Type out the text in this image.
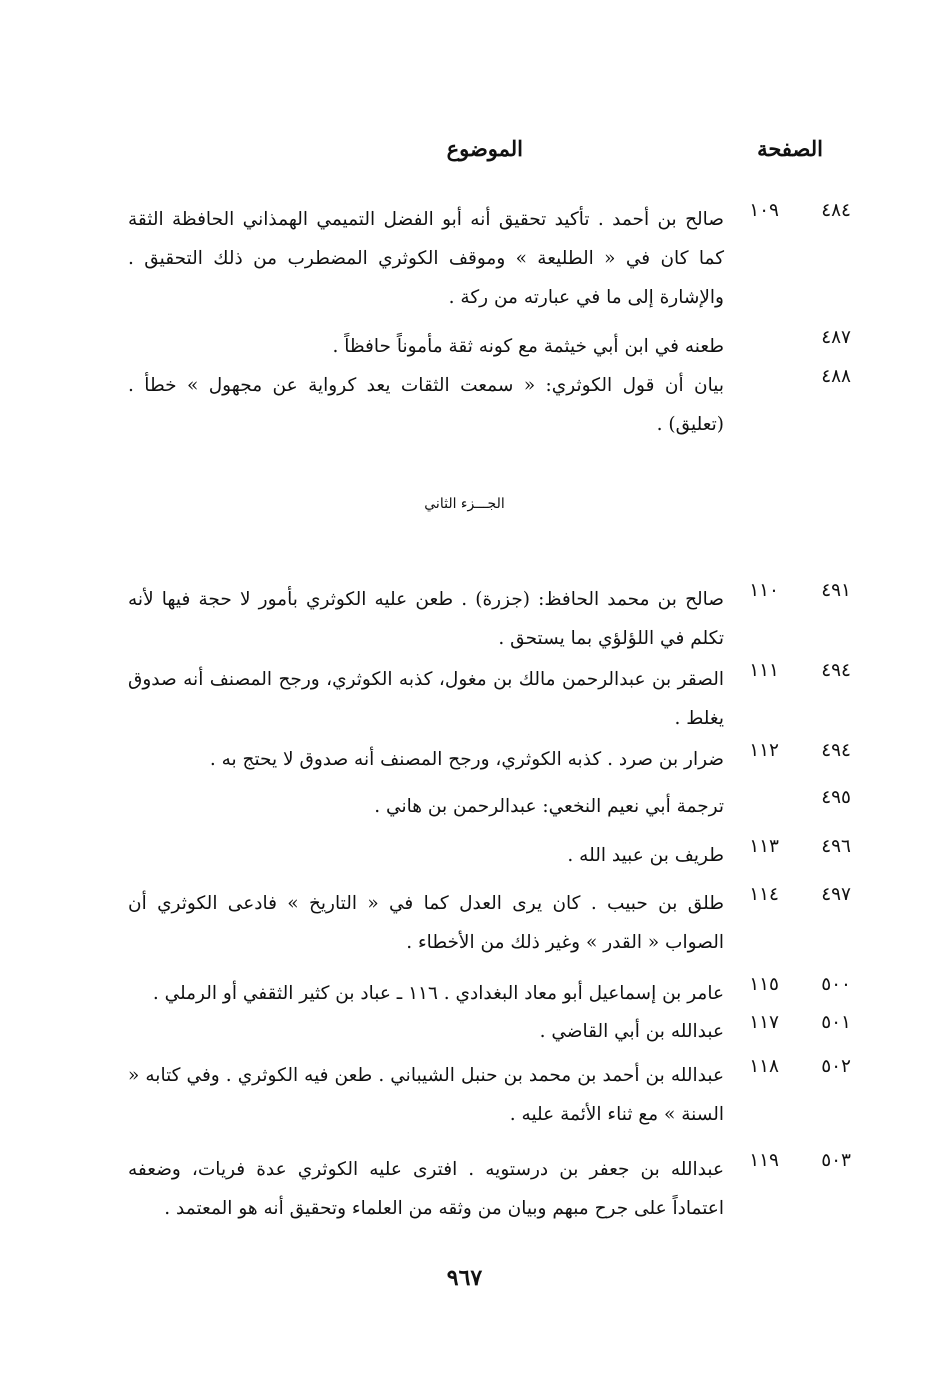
الصفحة
الموضوع
٤٨٤
١٠٩
صالح بن أحمد . تأكيد تحقيق أنه أبو الفضل التميمي الهمذاني الحافظة الثقة كما كان في « الطليعة » وموقف الكوثري المضطرب من ذلك التحقيق . والإشارة إلى ما في عبارته من ركة .
٤٨٧
طعنه في ابن أبي خيثمة مع كونه ثقة مأموناً حافظاً .
٤٨٨
بيان أن قول الكوثري: « سمعت الثقات يعد كرواية عن مجهول » خطأ . (تعليق) .
الجـــزء الثاني
٤٩١
١١٠
صالح بن محمد الحافظ: (جزرة) . طعن عليه الكوثري بأمور لا حجة فيها لأنه تكلم في اللؤلؤي بما يستحق .
٤٩٤
١١١
الصقر بن عبدالرحمن مالك بن مغول، كذبه الكوثري، ورجح المصنف أنه صدوق يغلط .
٤٩٤
١١٢
ضرار بن صرد . كذبه الكوثري، ورجح المصنف أنه صدوق لا يحتج به .
٤٩٥
ترجمة أبي نعيم النخعي: عبدالرحمن بن هاني .
٤٩٦
١١٣
طريف بن عبيد الله .
٤٩٧
١١٤
طلق بن حبيب . كان يرى العدل كما في « التاريخ » فادعى الكوثري أن الصواب « القدر » وغير ذلك من الأخطاء .
٥٠٠
١١٥
عامر بن إسماعيل أبو معاد البغدادي . ١١٦ ـ عباد بن كثير الثقفي أو الرملي .
٥٠١
١١٧
عبدالله بن أبي القاضي .
٥٠٢
١١٨
عبدالله بن أحمد بن محمد بن حنبل الشيباني . طعن فيه الكوثري . وفي كتابه « السنة » مع ثناء الأئمة عليه .
٥٠٣
١١٩
عبدالله بن جعفر بن درستويه . افترى عليه الكوثري عدة فريات، وضعفه اعتماداً على جرح مبهم وبيان من وثقه من العلماء وتحقيق أنه هو المعتمد .
٩٦٧
